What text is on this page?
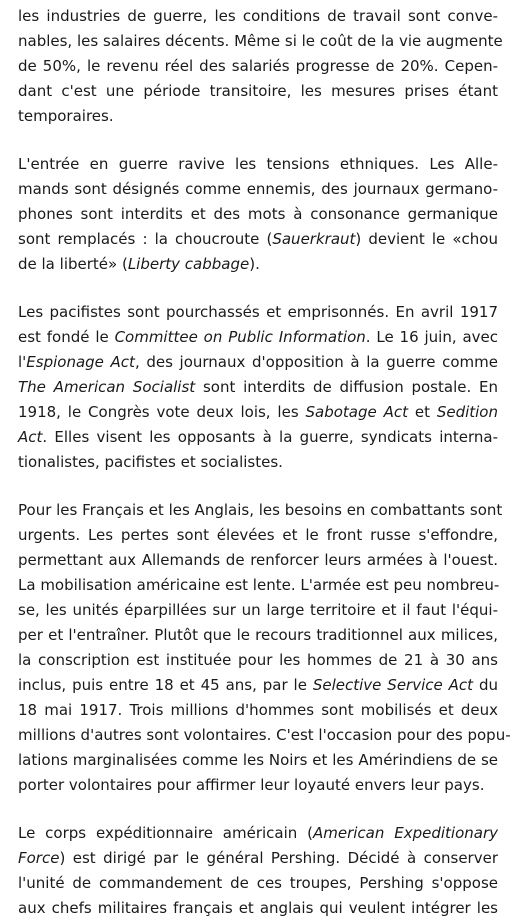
les industries de guerre, les conditions de travail sont conve-
nables, les salaires décents. Même si le coût de la vie augmente
de 50%, le revenu réel des salariés progresse de 20%. Cepen-
dant c'est une période transitoire, les mesures prises étant
temporaires.
L'entrée en guerre ravive les tensions ethniques. Les Alle-
mands sont désignés comme ennemis, des journaux germano-
phones sont interdits et des mots à consonance germanique
sont remplacés : la choucroute (Sauerkraut) devient le «chou
de la liberté» (Liberty cabbage).
Les pacifistes sont pourchassés et emprisonnés. En avril 1917
est fondé le Committee on Public Information. Le 16 juin, avec
l'Espionage Act, des journaux d'opposition à la guerre comme
The American Socialist sont interdits de diffusion postale. En
1918, le Congrès vote deux lois, les Sabotage Act et Sedition
Act. Elles visent les opposants à la guerre, syndicats interna-
tionalistes, pacifistes et socialistes.
Pour les Français et les Anglais, les besoins en combattants sont
urgents. Les pertes sont élevées et le front russe s'effondre,
permettant aux Allemands de renforcer leurs armées à l'ouest.
La mobilisation américaine est lente. L'armée est peu nombreu-
se, les unités éparpillées sur un large territoire et il faut l'équi-
per et l'entraîner. Plutôt que le recours traditionnel aux milices,
la conscription est instituée pour les hommes de 21 à 30 ans
inclus, puis entre 18 et 45 ans, par le Selective Service Act du
18 mai 1917. Trois millions d'hommes sont mobilisés et deux
millions d'autres sont volontaires. C'est l'occasion pour des popu-
lations marginalisées comme les Noirs et les Amérindiens de se
porter volontaires pour affirmer leur loyauté envers leur pays.
Le corps expéditionnaire américain (American Expeditionary
Force) est dirigé par le général Pershing. Décidé à conserver
l'unité de commandement de ces troupes, Pershing s'oppose
aux chefs militaires français et anglais qui veulent intégrer les
